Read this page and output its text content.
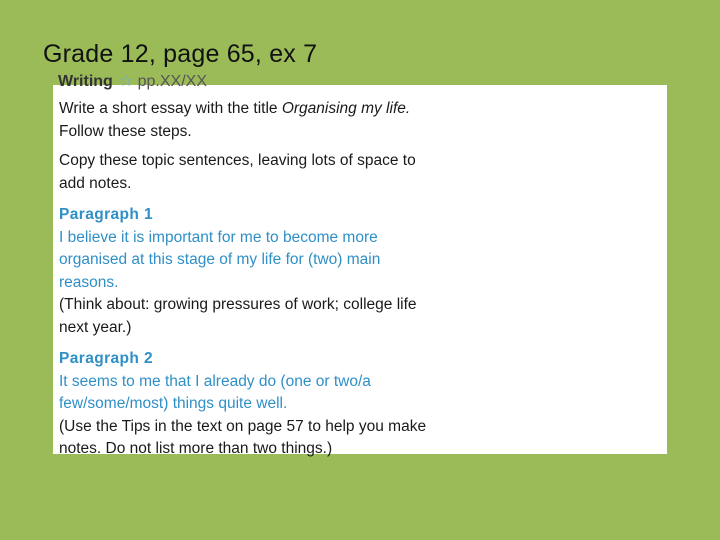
Grade 12, page 65, ex 7
Writing ☆ pp.XX/XX

Write a short essay with the title Organising my life. Follow these steps.

Copy these topic sentences, leaving lots of space to add notes.

Paragraph 1

I believe it is important for me to become more organised at this stage of my life for (two) main reasons.

(Think about: growing pressures of work; college life next year.)

Paragraph 2

It seems to me that I already do (one or two/a few/some/most) things quite well.

(Use the Tips in the text on page 57 to help you make notes. Do not list more than two things.)
